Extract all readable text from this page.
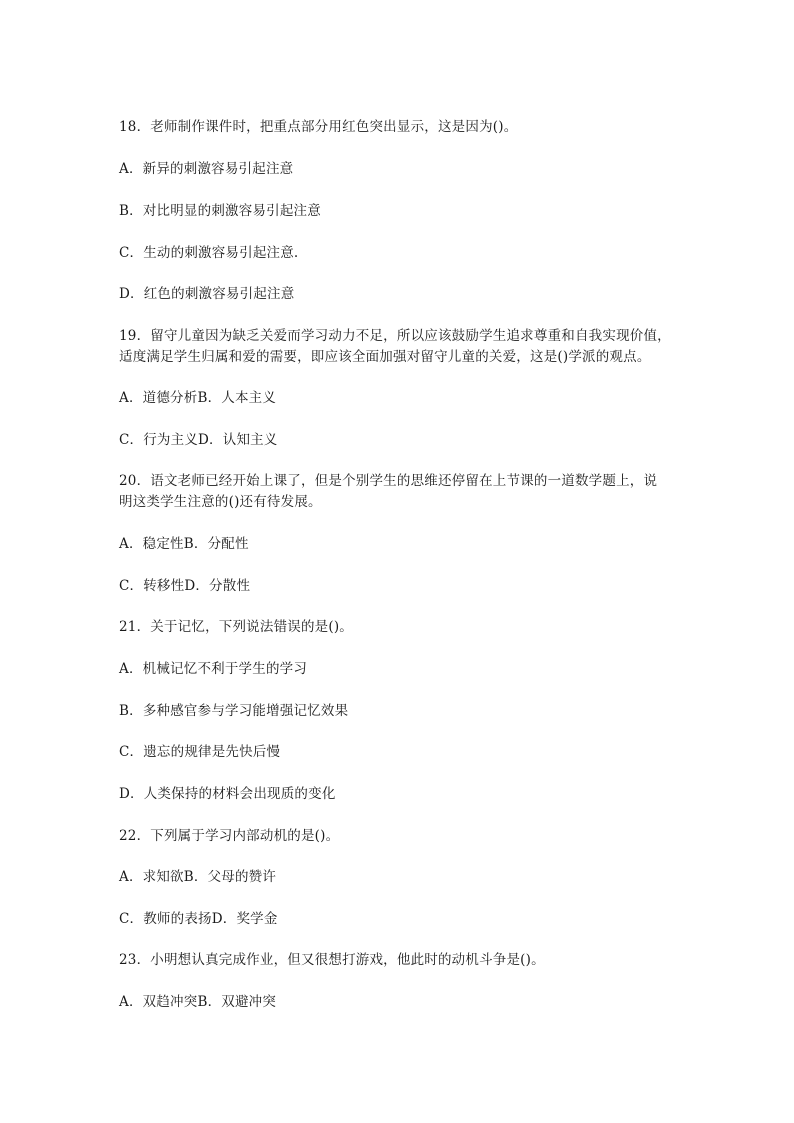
18．老师制作课件时，把重点部分用红色突出显示，这是因为()。
A．新异的刺激容易引起注意
B．对比明显的刺激容易引起注意
C．生动的刺激容易引起注意.
D．红色的刺激容易引起注意
19．留守儿童因为缺乏关爱而学习动力不足，所以应该鼓励学生追求尊重和自我实现价值，
适度满足学生归属和爱的需要，即应该全面加强对留守儿童的关爱，这是()学派的观点。
A．道德分析B．人本主义
C．行为主义D．认知主义
20．语文老师已经开始上课了，但是个别学生的思维还停留在上节课的一道数学题上，说
明这类学生注意的()还有待发展。
A．稳定性B．分配性
C．转移性D．分散性
21．关于记忆，下列说法错误的是()。
A．机械记忆不利于学生的学习
B．多种感官参与学习能增强记忆效果
C．遗忘的规律是先快后慢
D．人类保持的材料会出现质的变化
22．下列属于学习内部动机的是()。
A．求知欲B．父母的赞许
C．教师的表扬D．奖学金
23．小明想认真完成作业，但又很想打游戏，他此时的动机斗争是()。
A．双趋冲突B．双避冲突
